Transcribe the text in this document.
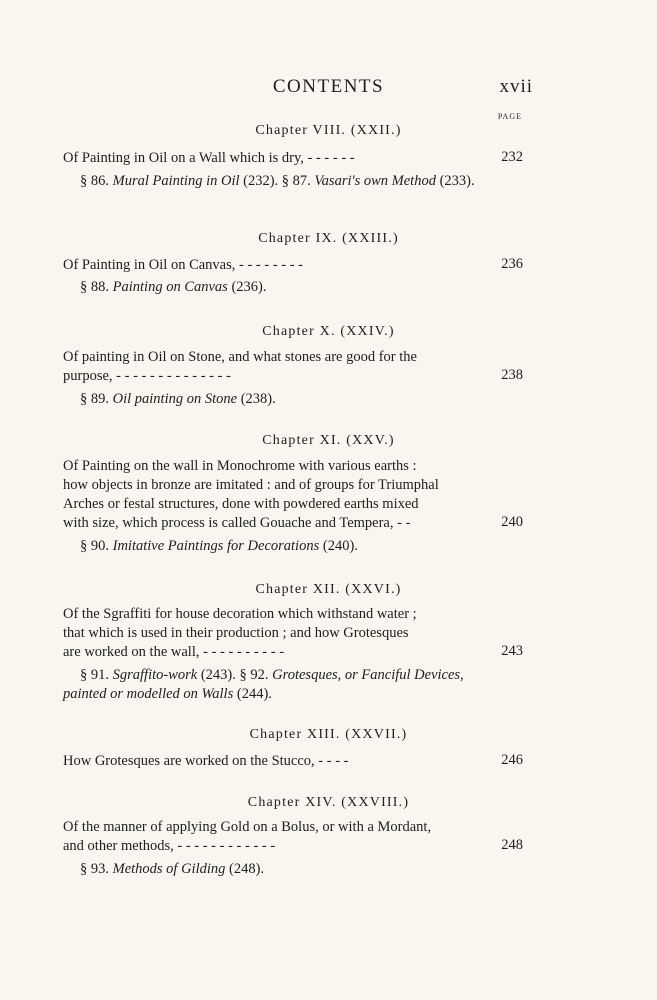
CONTENTS	xvii
PAGE
Chapter VIII. (XXII.)
Of Painting in Oil on a Wall which is dry, - - - - - -	232
§ 86. Mural Painting in Oil (232). § 87. Vasari's own Method (233).
Chapter IX. (XXIII.)
Of Painting in Oil on Canvas, - - - - - - - -	236
§ 88. Painting on Canvas (236).
Chapter X. (XXIV.)
Of painting in Oil on Stone, and what stones are good for the
purpose, - - - - - - - - - - - - - -	238
§ 89. Oil painting on Stone (238).
Chapter XI. (XXV.)
Of Painting on the wall in Monochrome with various earths :
how objects in bronze are imitated : and of groups for Triumphal
Arches or festal structures, done with powdered earths mixed
with size, which process is called Gouache and Tempera, - -	240
§ 90. Imitative Paintings for Decorations (240).
Chapter XII. (XXVI.)
Of the Sgraffiti for house decoration which withstand water ;
that which is used in their production ; and how Grotesques
are worked on the wall, - - - - - - - - - -	243
§ 91. Sgraffito-work (243). § 92. Grotesques, or Fanciful Devices, painted or modelled on Walls (244).
Chapter XIII. (XXVII.)
How Grotesques are worked on the Stucco, - - - -	246
Chapter XIV. (XXVIII.)
Of the manner of applying Gold on a Bolus, or with a Mordant,
and other methods, - - - - - - - - - - - -	248
§ 93. Methods of Gilding (248).
